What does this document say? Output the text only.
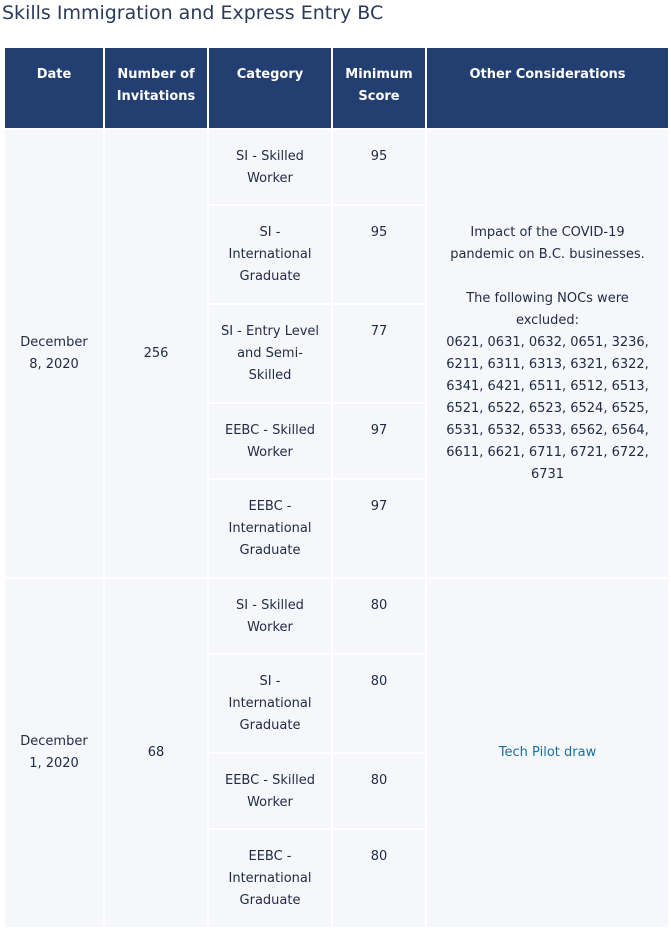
Skills Immigration and Express Entry BC
Date	Number of Invitations	Category	Minimum Score	Other Considerations
December 8, 2020	256	SI - Skilled Worker	95	Impact of the COVID-19 pandemic on B.C. businesses.
The following NOCs were excluded:
0621, 0631, 0632, 0651, 3236, 6211, 6311, 6313, 6321, 6322, 6341, 6421, 6511, 6512, 6513, 6521, 6522, 6523, 6524, 6525, 6531, 6532, 6533, 6562, 6564, 6611, 6621, 6711, 6721, 6722, 6731

		SI - International Graduate	95	
		SI - Entry Level and Semi-Skilled	77	
		EEBC - Skilled Worker	97	
		EEBC - International Graduate	97	
December 1, 2020	68	SI - Skilled Worker	80	Tech Pilot draw
		SI - International Graduate	80	
		EEBC - Skilled Worker	80	
		EEBC - International Graduate	80	
